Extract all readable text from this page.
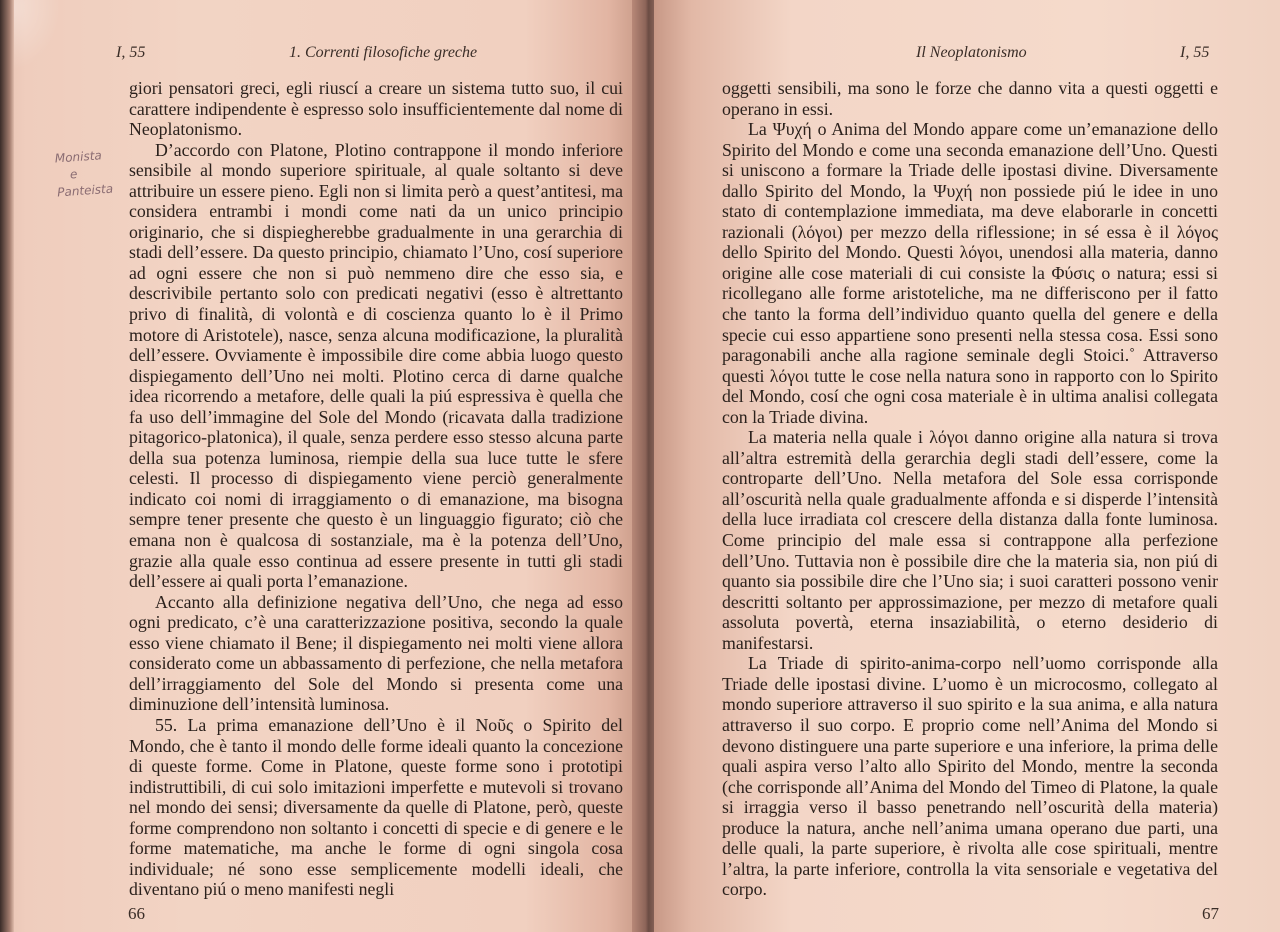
I, 55	1. Correnti filosofiche greche
Monista
e
Panteista

giori pensatori greci, egli riuscí a creare un sistema tutto suo, il cui carattere indipendente è espresso solo insufficientemente dal nome di Neoplatonismo.

D’accordo con Platone, Plotino contrappone il mondo inferiore sensibile al mondo superiore spirituale, al quale soltanto si deve attribuire un essere pieno. Egli non si limita però a quest’antitesi, ma considera entrambi i mondi come nati da un unico principio originario, che si dispiegherebbe gradualmente in una gerarchia di stadi dell’essere. Da questo principio, chiamato l’Uno, cosí superiore ad ogni essere che non si può nemmeno dire che esso sia, e descrivibile pertanto solo con predicati negativi (esso è altrettanto privo di finalità, di volontà e di coscienza quanto lo è il Primo motore di Aristotele), nasce, senza alcuna modificazione, la pluralità dell’essere. Ovviamente è impossibile dire come abbia luogo questo dispiegamento dell’Uno nei molti. Plotino cerca di darne qualche idea ricorrendo a metafore, delle quali la piú espressiva è quella che fa uso dell’immagine del Sole del Mondo (ricavata dalla tradizione pitagorico-platonica), il quale, senza perdere esso stesso alcuna parte della sua potenza luminosa, riempie della sua luce tutte le sfere celesti. Il processo di dispiegamento viene perciò generalmente indicato coi nomi di irraggiamento o di emanazione, ma bisogna sempre tener presente che questo è un linguaggio figurato; ciò che emana non è qualcosa di sostanziale, ma è la potenza dell’Uno, grazie alla quale esso continua ad essere presente in tutti gli stadi dell’essere ai quali porta l’emanazione.

Accanto alla definizione negativa dell’Uno, che nega ad esso ogni predicato, c’è una caratterizzazione positiva, secondo la quale esso viene chiamato il Bene; il dispiegamento nei molti viene allora considerato come un abbassamento di perfezione, che nella metafora dell’irraggiamento del Sole del Mondo si presenta come una diminuzione dell’intensità luminosa.

55. La prima emanazione dell’Uno è il Νοῦς o Spirito del Mondo, che è tanto il mondo delle forme ideali quanto la concezione di queste forme. Come in Platone, queste forme sono i prototipi indistruttibili, di cui solo imitazioni imperfette e mutevoli si trovano nel mondo dei sensi; diversamente da quelle di Platone, però, queste forme comprendono non soltanto i concetti di specie e di genere e le forme matematiche, ma anche le forme di ogni singola cosa individuale; né sono esse semplicemente modelli ideali, che diventano piú o meno manifesti negli

66
Il Neoplatonismo	I, 55

oggetti sensibili, ma sono le forze che danno vita a questi oggetti e operano in essi.

La Ψυχή o Anima del Mondo appare come un’emanazione dello Spirito del Mondo e come una seconda emanazione dell’Uno. Questi si uniscono a formare la Triade delle ipostasi divine. Diversamente dallo Spirito del Mondo, la Ψυχή non possiede piú le idee in uno stato di contemplazione immediata, ma deve elaborarle in concetti razionali (λόγοι) per mezzo della riflessione; in sé essa è il λόγος dello Spirito del Mondo. Questi λόγοι, unendosi alla materia, danno origine alle cose materiali di cui consiste la Φύσις o natura; essi si ricollegano alle forme aristoteliche, ma ne differiscono per il fatto che tanto la forma dell’individuo quanto quella del genere e della specie cui esso appartiene sono presenti nella stessa cosa. Essi sono paragonabili anche alla ragione seminale degli Stoici.˚ Attraverso questi λόγοι tutte le cose nella natura sono in rapporto con lo Spirito del Mondo, cosí che ogni cosa materiale è in ultima analisi collegata con la Triade divina.

La materia nella quale i λόγοι danno origine alla natura si trova all’altra estremità della gerarchia degli stadi dell’essere, come la controparte dell’Uno. Nella metafora del Sole essa corrisponde all’oscurità nella quale gradualmente affonda e si disperde l’intensità della luce irradiata col crescere della distanza dalla fonte luminosa. Come principio del male essa si contrappone alla perfezione dell’Uno. Tuttavia non è possibile dire che la materia sia, non piú di quanto sia possibile dire che l’Uno sia; i suoi caratteri possono venir descritti soltanto per approssimazione, per mezzo di metafore quali assoluta povertà, eterna insaziabilità, o eterno desiderio di manifestarsi.

La Triade di spirito-anima-corpo nell’uomo corrisponde alla Triade delle ipostasi divine. L’uomo è un microcosmo, collegato al mondo superiore attraverso il suo spirito e la sua anima, e alla natura attraverso il suo corpo. E proprio come nell’Anima del Mondo si devono distinguere una parte superiore e una inferiore, la prima delle quali aspira verso l’alto allo Spirito del Mondo, mentre la seconda (che corrisponde all’Anima del Mondo del Timeo di Platone, la quale si irraggia verso il basso penetrando nell’oscurità della materia) produce la natura, anche nell’anima umana operano due parti, una delle quali, la parte superiore, è rivolta alle cose spirituali, mentre l’altra, la parte inferiore, controlla la vita sensoriale e vegetativa del corpo.

67
